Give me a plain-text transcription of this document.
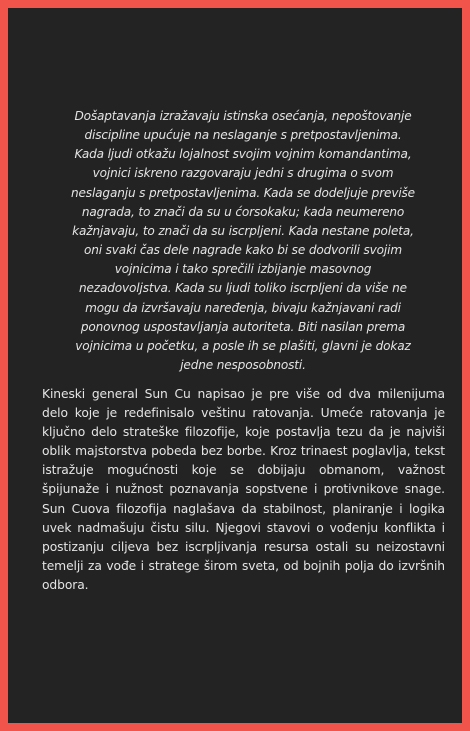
Došaptavanja izražavaju istinska osećanja, nepoštovanje discipline upućuje na neslaganje s pretpostavljenima. Kada ljudi otkažu lojalnost svojim vojnim komandantima, vojnici iskreno razgovaraju jedni s drugima o svom neslaganju s pretpostavljenima. Kada se dodeljuje previše nagrada, to znači da su u ćorsokaku; kada neumereno kažnjavaju, to znači da su iscrpljeni. Kada nestane poleta, oni svaki čas dele nagrade kako bi se dodvorili svojim vojnicima i tako sprečili izbijanje masovnog nezadovoljstva. Kada su ljudi toliko iscrpljeni da više ne mogu da izvršavaju naređenja, bivaju kažnjavani radi ponovnog uspostavljanja autoriteta. Biti nasilan prema vojnicima u početku, a posle ih se plašiti, glavni je dokaz jedne nesposobnosti.

Kineski general Sun Cu napisao je pre više od dva milenijuma delo koje je redefinisalo veštinu ratovanja. Umeće ratovanja je ključno delo strateške filozofije, koje postavlja tezu da je najviši oblik majstorstva pobeda bez borbe. Kroz trinaest poglavlja, tekst istražuje mogućnosti koje se dobijaju obmanom, važnost špijunaže i nužnost poznavanja sopstvene i protivnikove snage. Sun Cuova filozofija naglašava da stabilnost, planiranje i logika uvek nadmašuju čistu silu. Njegovi stavovi o vođenju konflikta i postizanju ciljeva bez iscrpljivanja resursa ostali su neizostavni temelji za vođe i stratege širom sveta, od bojnih polja do izvršnih odbora.
